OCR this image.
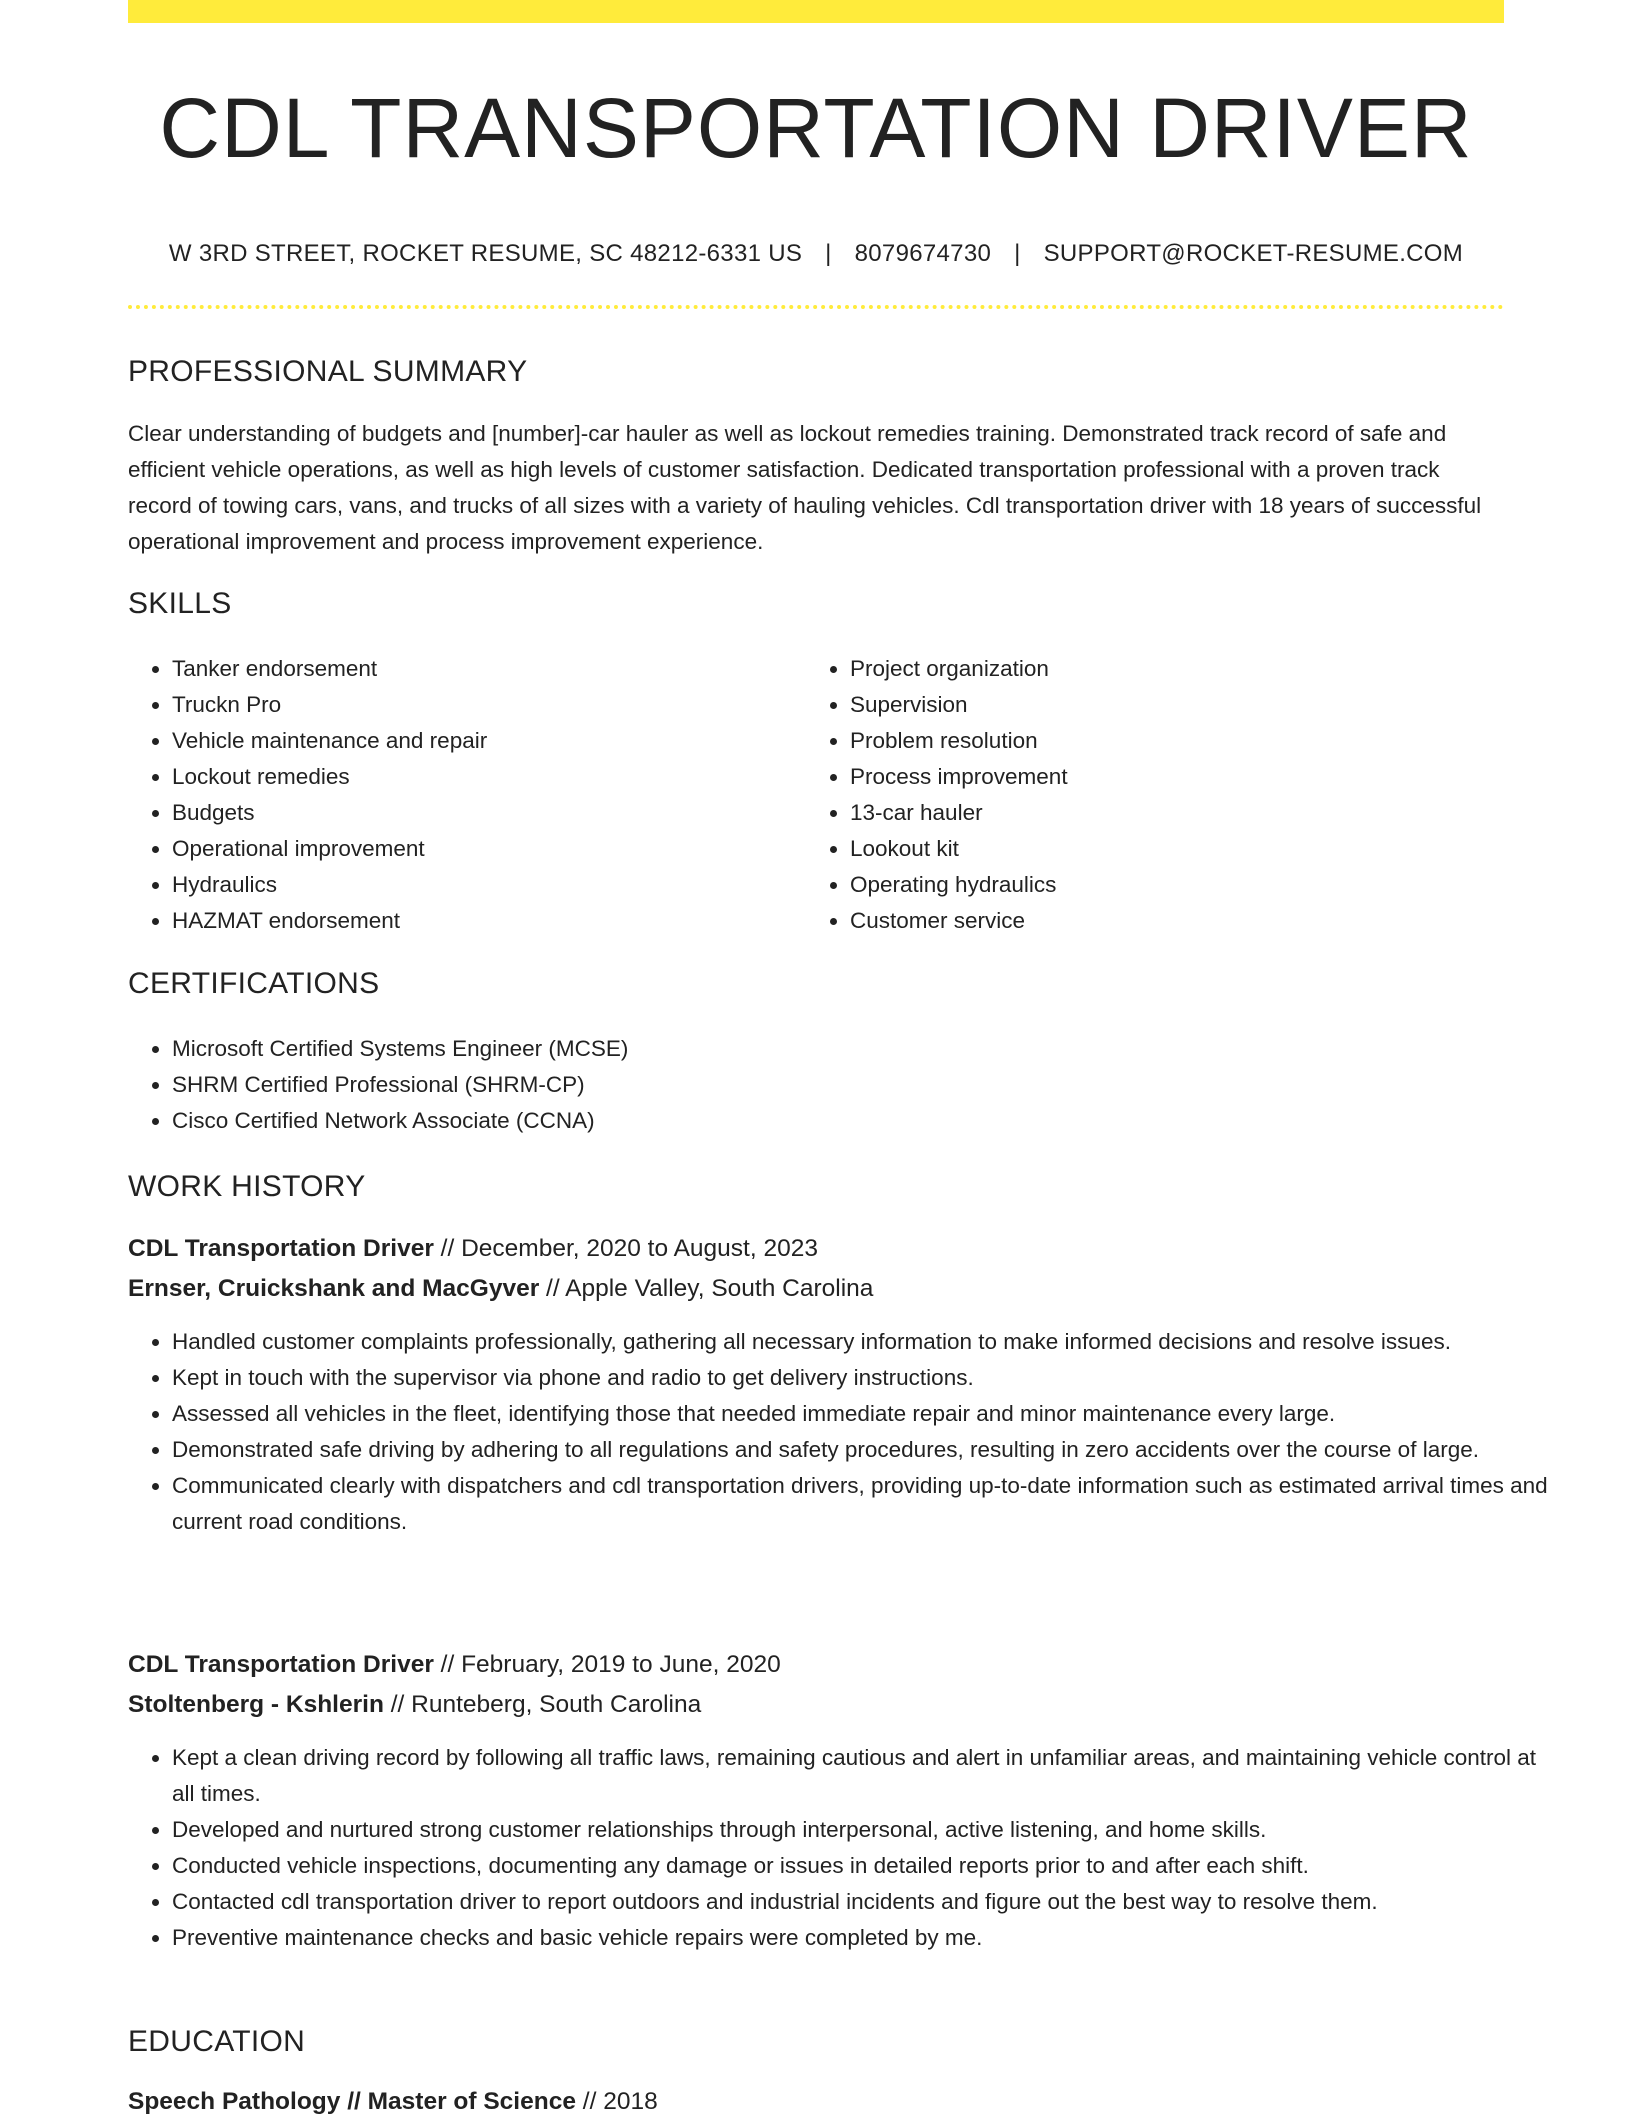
CDL TRANSPORTATION DRIVER
W 3RD STREET, ROCKET RESUME, SC 48212-6331 US | 8079674730 | SUPPORT@ROCKET-RESUME.COM
PROFESSIONAL SUMMARY

Clear understanding of budgets and [number]-car hauler as well as lockout remedies training. Demonstrated track record of safe and efficient vehicle operations, as well as high levels of customer satisfaction. Dedicated transportation professional with a proven track record of towing cars, vans, and trucks of all sizes with a variety of hauling vehicles. Cdl transportation driver with 18 years of successful operational improvement and process improvement experience.

SKILLS
• Tanker endorsement
• Truckn Pro
• Vehicle maintenance and repair
• Lockout remedies
• Budgets
• Operational improvement
• Hydraulics
• HAZMAT endorsement
• Project organization
• Supervision
• Problem resolution
• Process improvement
• 13-car hauler
• Lookout kit
• Operating hydraulics
• Customer service
CERTIFICATIONS
• Microsoft Certified Systems Engineer (MCSE)
• SHRM Certified Professional (SHRM-CP)
• Cisco Certified Network Associate (CCNA)
WORK HISTORY
CDL Transportation Driver // December, 2020 to August, 2023
Ernser, Cruickshank and MacGyver // Apple Valley, South Carolina
• Handled customer complaints professionally, gathering all necessary information to make informed decisions and resolve issues.
• Kept in touch with the supervisor via phone and radio to get delivery instructions.
• Assessed all vehicles in the fleet, identifying those that needed immediate repair and minor maintenance every large.
• Demonstrated safe driving by adhering to all regulations and safety procedures, resulting in zero accidents over the course of large.
• Communicated clearly with dispatchers and cdl transportation drivers, providing up-to-date information such as estimated arrival times and current road conditions.
CDL Transportation Driver // February, 2019 to June, 2020
Stoltenberg - Kshlerin // Runteberg, South Carolina
• Kept a clean driving record by following all traffic laws, remaining cautious and alert in unfamiliar areas, and maintaining vehicle control at all times.
• Developed and nurtured strong customer relationships through interpersonal, active listening, and home skills.
• Conducted vehicle inspections, documenting any damage or issues in detailed reports prior to and after each shift.
• Contacted cdl transportation driver to report outdoors and industrial incidents and figure out the best way to resolve them.
• Preventive maintenance checks and basic vehicle repairs were completed by me.
EDUCATION
Speech Pathology // Master of Science // 2018
